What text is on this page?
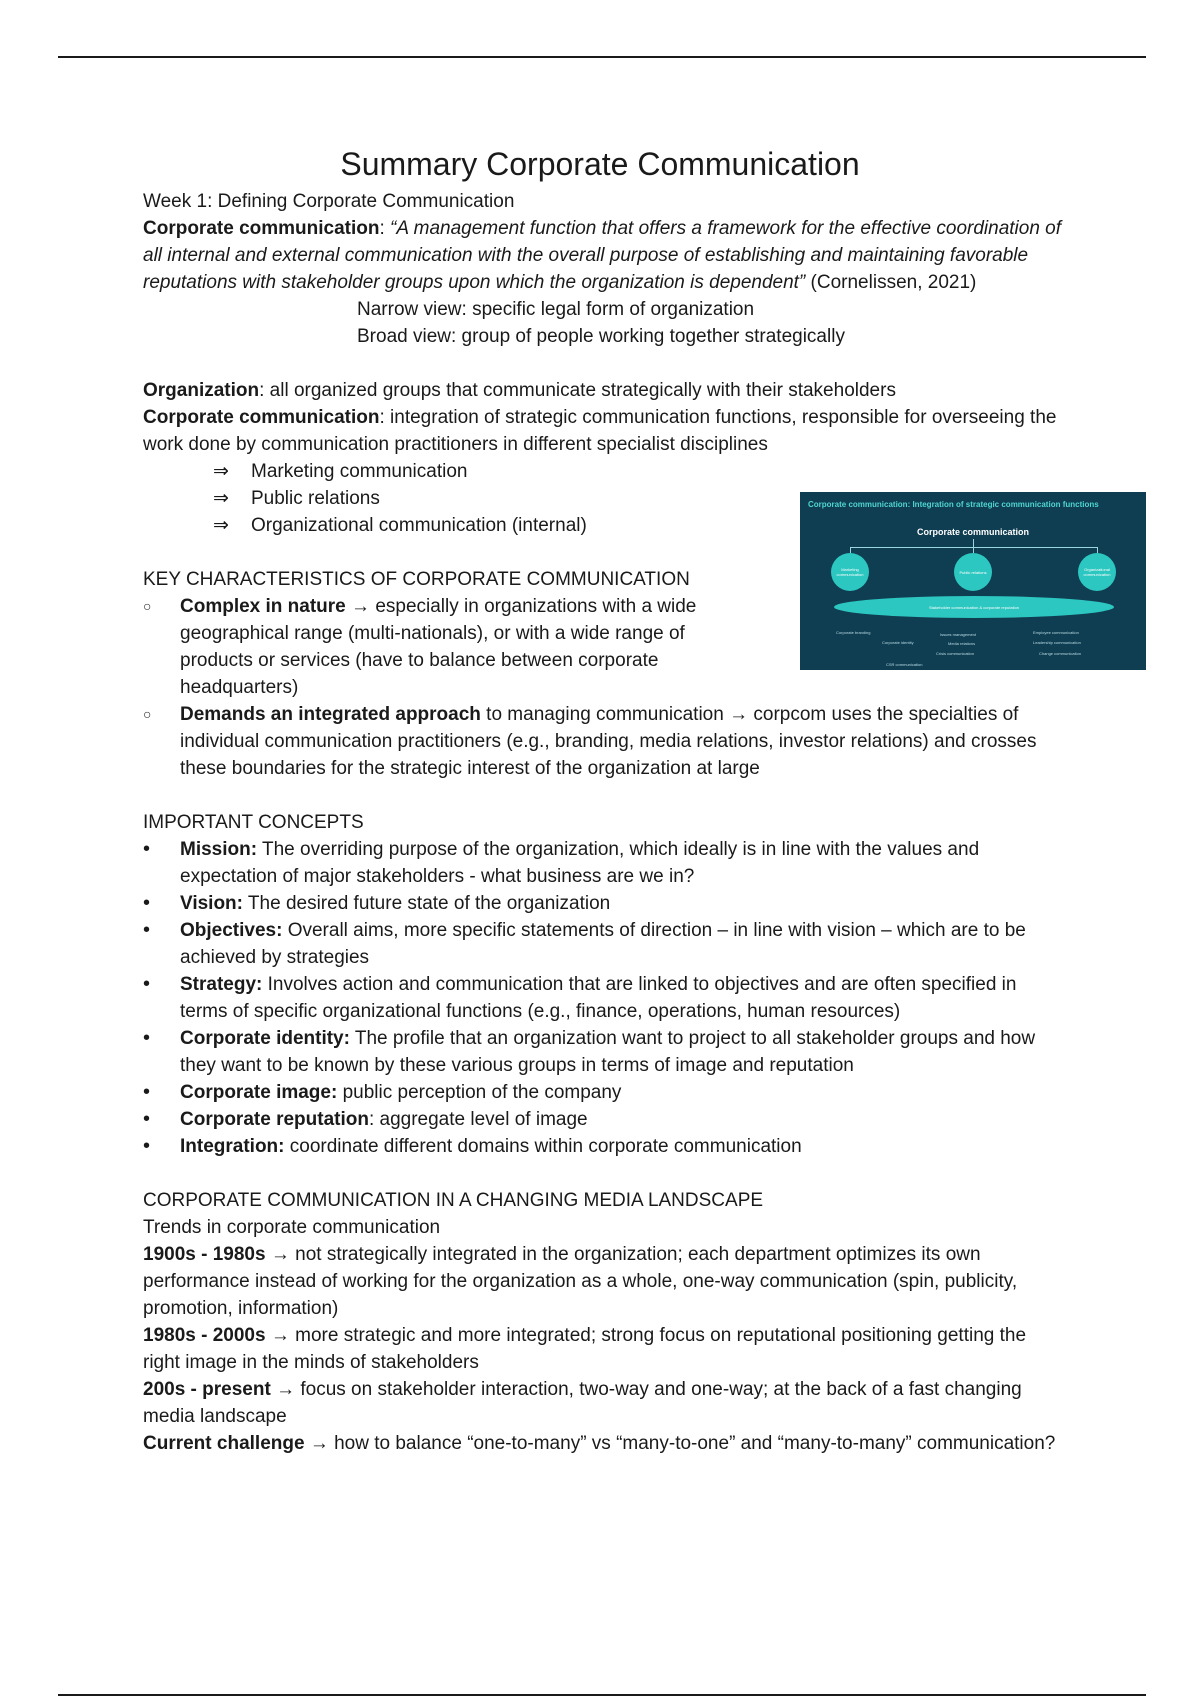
Summary Corporate Communication

Week 1: Defining Corporate Communication

Corporate communication: “A management function that offers a framework for the effective coordination of all internal and external communication with the overall purpose of establishing and maintaining favorable reputations with stakeholder groups upon which the organization is dependent” (Cornelissen, 2021)

Narrow view: specific legal form of organization

Broad view: group of people working together strategically

Organization: all organized groups that communicate strategically with their stakeholders

Corporate communication: integration of strategic communication functions, responsible for overseeing the work done by communication practitioners in different specialist disciplines

⇒	Marketing communication
⇒	Public relations
⇒	Organizational communication (internal)

KEY CHARACTERISTICS OF CORPORATE COMMUNICATION

○	Complex in nature → especially in organizations with a wide geographical range (multi-nationals), or with a wide range of products or services (have to balance between corporate headquarters)
○	Demands an integrated approach to managing communication → corpcom uses the specialties of individual communication practitioners (e.g., branding, media relations, investor relations) and crosses these boundaries for the strategic interest of the organization at large

IMPORTANT CONCEPTS

•	Mission: The overriding purpose of the organization, which ideally is in line with the values and expectation of major stakeholders - what business are we in?
•	Vision: The desired future state of the organization
•	Objectives: Overall aims, more specific statements of direction – in line with vision – which are to be achieved by strategies
•	Strategy: Involves action and communication that are linked to objectives and are often specified in terms of specific organizational functions (e.g., finance, operations, human resources)
•	Corporate identity: The profile that an organization want to project to all stakeholder groups and how they want to be known by these various groups in terms of image and reputation
•	Corporate image: public perception of the company
•	Corporate reputation: aggregate level of image
•	Integration: coordinate different domains within corporate communication

CORPORATE COMMUNICATION IN A CHANGING MEDIA LANDSCAPE

Trends in corporate communication

1900s - 1980s → not strategically integrated in the organization; each department optimizes its own performance instead of working for the organization as a whole, one-way communication (spin, publicity, promotion, information)

1980s - 2000s → more strategic and more integrated; strong focus on reputational positioning getting the right image in the minds of stakeholders

200s - present → focus on stakeholder interaction, two-way and one-way; at the back of a fast changing media landscape

Current challenge → how to balance “one-to-many” vs “many-to-one” and “many-to-many” communication?

Corporate communication: Integration of strategic communication functions
Corporate communication
Marketing communication	Public relations	Organizational communication
Stakeholder communication & corporate reputation
Corporate branding
Corporate identity
CSR communication
Issues management
Media relations
Crisis communication
Employee communication
Leadership communication
Change communication
